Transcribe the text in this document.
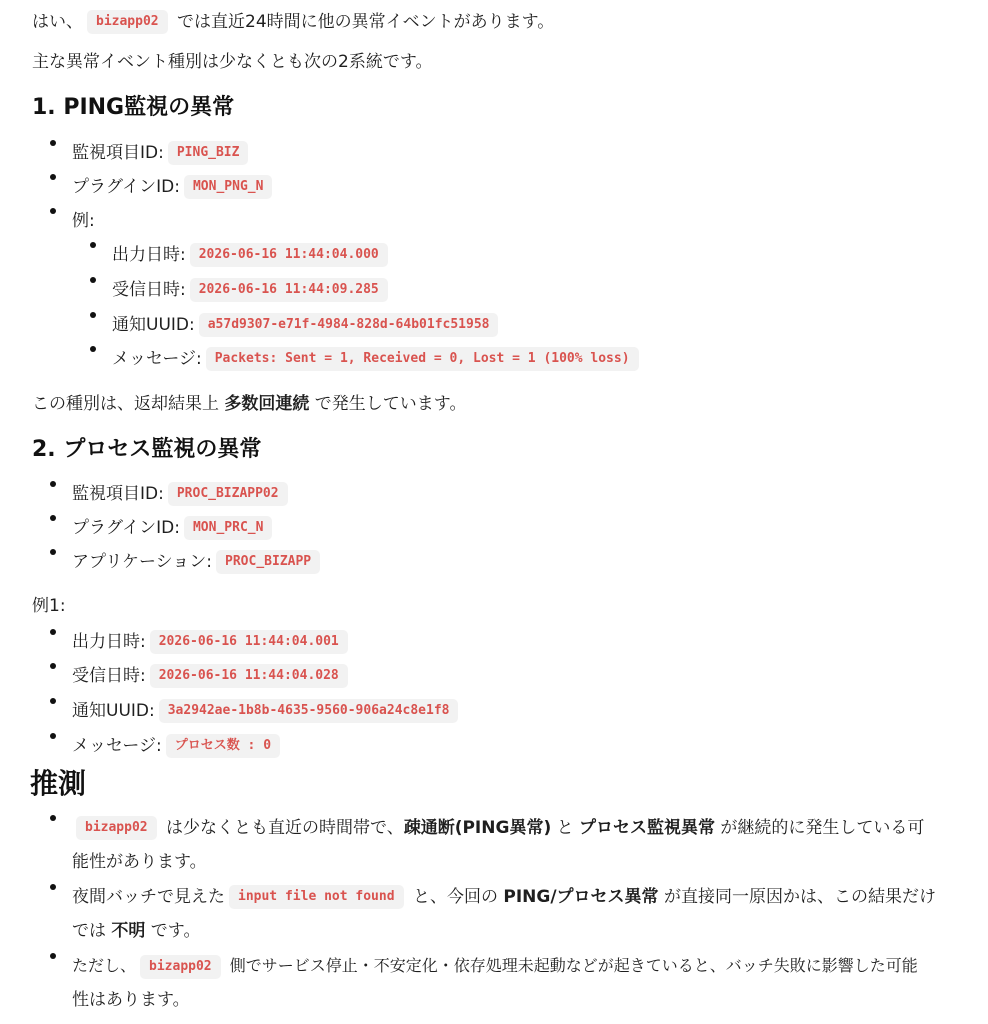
はい、 bizapp02 では直近24時間に他の異常イベントがあります。
主な異常イベント種別は少なくとも次の2系統です。
1. PING監視の異常
監視項目ID: PING_BIZ
プラグインID: MON_PNG_N
例:
出力日時: 2026-06-16 11:44:04.000
受信日時: 2026-06-16 11:44:09.285
通知UUID: a57d9307-e71f-4984-828d-64b01fc51958
メッセージ: Packets: Sent = 1, Received = 0, Lost = 1 (100% loss)
この種別は、返却結果上 多数回連続 で発生しています。
2. プロセス監視の異常
監視項目ID: PROC_BIZAPP02
プラグインID: MON_PRC_N
アプリケーション: PROC_BIZAPP
例1:
出力日時: 2026-06-16 11:44:04.001
受信日時: 2026-06-16 11:44:04.028
通知UUID: 3a2942ae-1b8b-4635-9560-906a24c8e1f8
メッセージ: プロセス数 : 0
推測
bizapp02 は少なくとも直近の時間帯で、疎通断(PING異常) と プロセス監視異常 が継続的に発生している可
能性があります。
夜間バッチで見えた input file not found と、今回の PING/プロセス異常 が直接同一原因かは、この結果だけ
では 不明 です。
ただし、 bizapp02 側でサービス停止・不安定化・依存処理未起動などが起きていると、バッチ失敗に影響した可能
性はあります。
